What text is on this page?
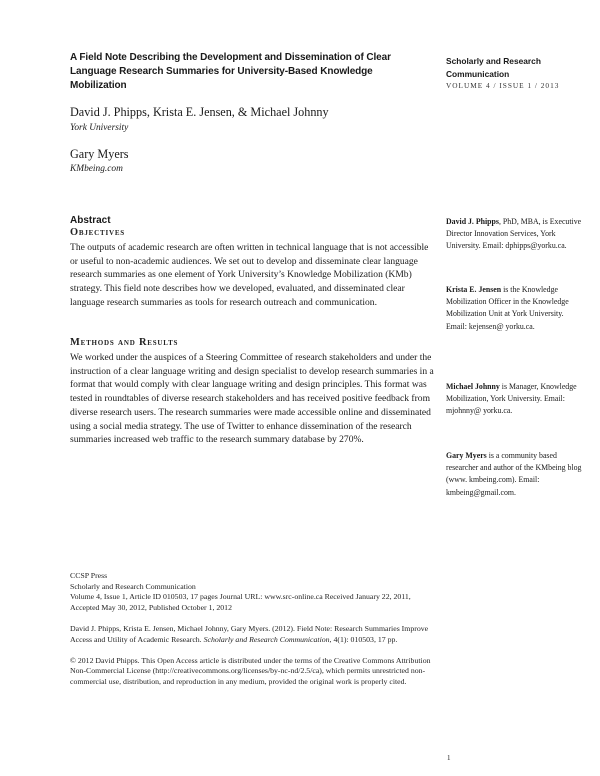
A Field Note Describing the Development and Dissemination of Clear Language Research Summaries for University-Based Knowledge Mobilization
Scholarly and Research Communication
VOLUME 4 / ISSUE 1 / 2013
David J. Phipps, Krista E. Jensen, & Michael Johnny
York University
Gary Myers
KMbeing.com
Abstract
Objectives
The outputs of academic research are often written in technical language that is not accessible or useful to non-academic audiences. We set out to develop and disseminate clear language research summaries as one element of York University’s Knowledge Mobilization (KMb) strategy. This field note describes how we developed, evaluated, and disseminated clear language research summaries as tools for research outreach and communication.
Methods and Results
We worked under the auspices of a Steering Committee of research stakeholders and under the instruction of a clear language writing and design specialist to develop research summaries in a format that would comply with clear language writing and design principles. This format was tested in roundtables of diverse research stakeholders and has received positive feedback from diverse research users. The research summaries were made accessible online and disseminated using a social media strategy. The use of Twitter to enhance dissemination of the research summaries increased web traffic to the research summary database by 270%.
David J. Phipps, PhD, MBA, is Executive Director Innovation Services, York University. Email: dphipps@yorku.ca.
Krista E. Jensen is the Knowledge Mobilization Officer in the Knowledge Mobilization Unit at York University. Email: kejensen@ yorku.ca.
Michael Johnny is Manager, Knowledge Mobilization, York University. Email: mjohnny@ yorku.ca.
Gary Myers is a community based researcher and author of the KMbeing blog (www. kmbeing.com). Email: kmbeing@gmail.com.

CCSP Press
Scholarly and Research Communication
Volume 4, Issue 1, Article ID 010503, 17 pages Journal URL: www.src-online.ca Received January 22, 2011, Accepted May 30, 2012, Published October 1, 2012

David J. Phipps, Krista E. Jensen, Michael Johnny, Gary Myers. (2012). Field Note: Research Summaries Improve Access and Utility of Academic Research. Scholarly and Research Communication, 4(1): 010503, 17 pp.

© 2012 David Phipps. This Open Access article is distributed under the terms of the Creative Commons Attribution Non-Commercial License (http://creativecommons.org/licenses/by-nc-nd/2.5/ca), which permits unrestricted non-commercial use, distribution, and reproduction in any medium, provided the original work is properly cited.

1
